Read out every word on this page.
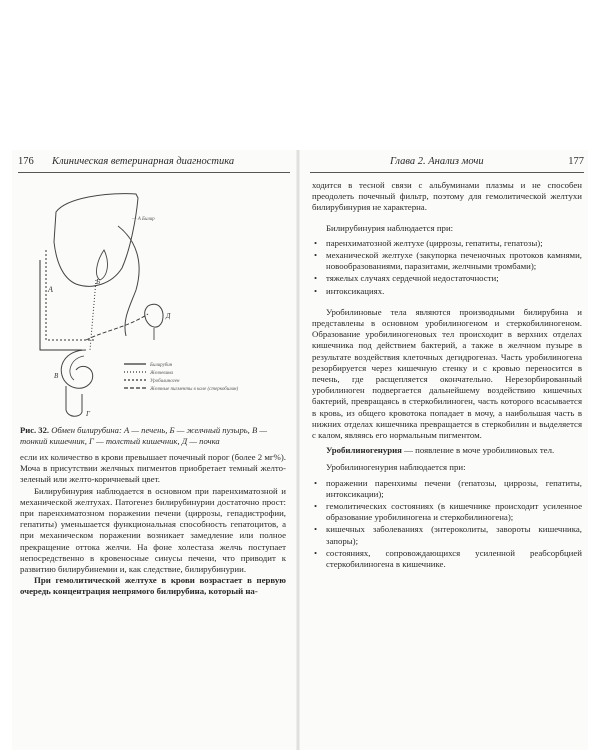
176 Клиническая ветеринарная диагностика
А
Б
В
Г
Д
— А Билир
Билирубин
Желчевина
Уробилиноген
Желчные пигменты в кале (стеркобилин)
Рис. 32. Обмен билирубина: А — печень, Б — желчный пузырь, В — тонкий кишечник, Г — толстый кишечник, Д — почка

если их количество в крови превышает почечный порог (более 2 мг%). Моча в присутствии желчных пигментов приобретает темный желто-зеленый или желто-коричневый цвет.

Билирубинурия наблюдается в основном при паренхиматозной и механической желтухах. Патогенез билирубинурии достаточно прост: при паренхиматозном поражении печени (циррозы, гепадистрофии, гепатиты) уменьшается функциональная способность гепатоцитов, а при механическом поражении возникает замедление или полное прекращение оттока желчи. На фоне холестаза желчь поступает непосредственно в кровеносные синусы печени, что приводит к развитию билирубинемии и, как следствие, билирубинурии.

При гемолитической желтухе в крови возрастает в первую очередь концентрация непрямого билирубина, который на-

Глава 2. Анализ мочи	177

ходится в тесной связи с альбуминами плазмы и не способен преодолеть почечный фильтр, поэтому для гемолитической желтухи билирубинурия не характерна.

Билирубинурия наблюдается при:

• паренхиматозной желтухе (циррозы, гепатиты, гепатозы);
• механической желтухе (закупорка печеночных протоков камнями, новообразованиями, паразитами, желчными тромбами);
• тяжелых случаях сердечной недостаточности;
• интоксикациях.

Уробилиновые тела являются производными билирубина и представлены в основном уробилиногеном и стеркобилиногеном. Образование уробилиногеновых тел происходит в верхних отделах кишечника под действием бактерий, а также в желчном пузыре в результате воздействия клеточных дегидрогеназ. Часть уробилиногена резорбируется через кишечную стенку и с кровью переносится в печень, где расщепляется окончательно. Нерезорбированный уробилиноген подвергается дальнейшему воздействию кишечных бактерий, превращаясь в стеркобилиноген, часть которого всасывается в кровь, из общего кровотока попадает в мочу, а наибольшая часть в нижних отделах кишечника превращается в стеркобилин и выделяется с калом, являясь его нормальным пигментом.

Уробилиногенурия — появление в моче уробилиновых тел.

Уробилиногенурия наблюдается при:

• поражении паренхимы печени (гепатозы, циррозы, гепатиты, интоксикации);
• гемолитических состояниях (в кишечнике происходит усиленное образование уробилиногена и стеркобилиногена);
• кишечных заболеваниях (энтероколиты, завороты кишечника, запоры);
• состояниях, сопровождающихся усиленной реабсорбцией стеркобилиногена в кишечнике.
